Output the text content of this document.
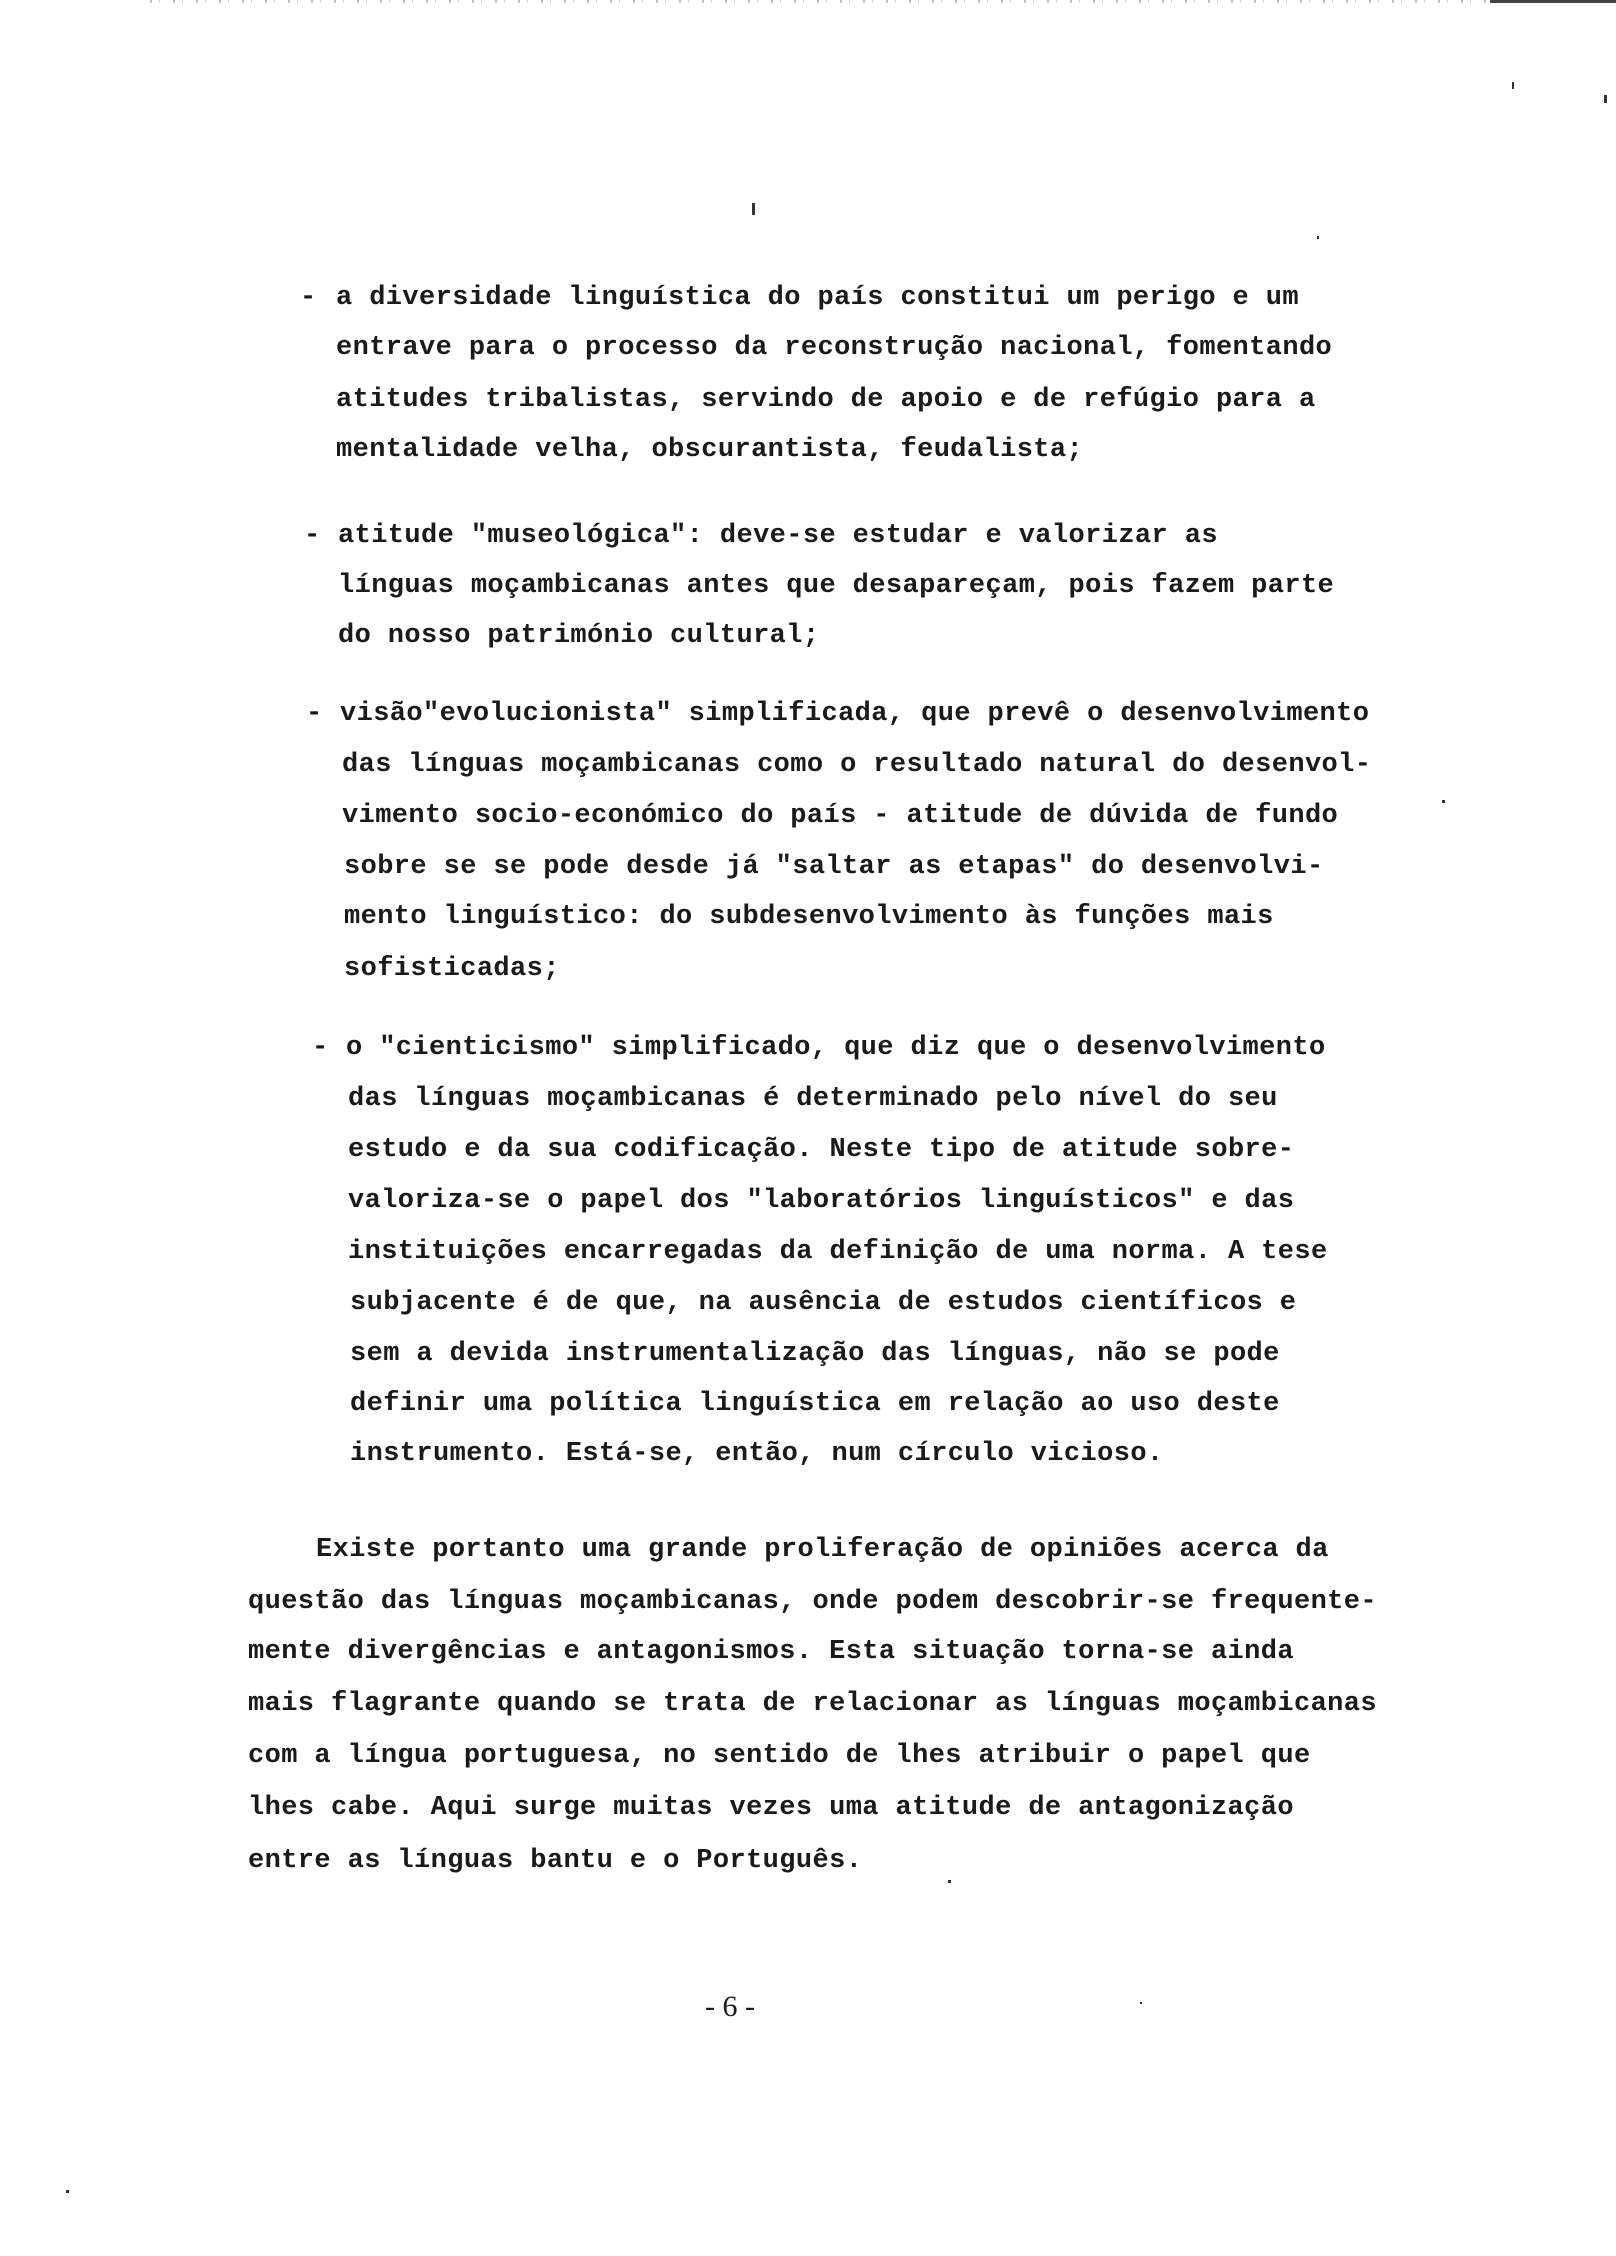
- a diversidade linguística do país constitui um perigo e um
entrave para o processo da reconstrução nacional, fomentando
atitudes tribalistas, servindo de apoio e de refúgio para a
mentalidade velha, obscurantista, feudalista;
- atitude "museológica": deve-se estudar e valorizar as
línguas moçambicanas antes que desapareçam, pois fazem parte
do nosso património cultural;
- visão"evolucionista" simplificada, que prevê o desenvolvimento
das línguas moçambicanas como o resultado natural do desenvol-
vimento socio-económico do país - atitude de dúvida de fundo
sobre se se pode desde já "saltar as etapas" do desenvolvi-
mento linguístico: do subdesenvolvimento às funções mais
sofisticadas;
- o "cienticismo" simplificado, que diz que o desenvolvimento
das línguas moçambicanas é determinado pelo nível do seu
estudo e da sua codificação. Neste tipo de atitude sobre-
valoriza-se o papel dos "laboratórios linguísticos" e das
instituições encarregadas da definição de uma norma. A tese
subjacente é de que, na ausência de estudos científicos e
sem a devida instrumentalização das línguas, não se pode
definir uma política linguística em relação ao uso deste
instrumento. Está-se, então, num círculo vicioso.
Existe portanto uma grande proliferação de opiniões acerca da
questão das línguas moçambicanas, onde podem descobrir-se frequente-
mente divergências e antagonismos. Esta situação torna-se ainda
mais flagrante quando se trata de relacionar as línguas moçambicanas
com a língua portuguesa, no sentido de lhes atribuir o papel que
lhes cabe. Aqui surge muitas vezes uma atitude de antagonização
entre as línguas bantu e o Português.
- 6 -
